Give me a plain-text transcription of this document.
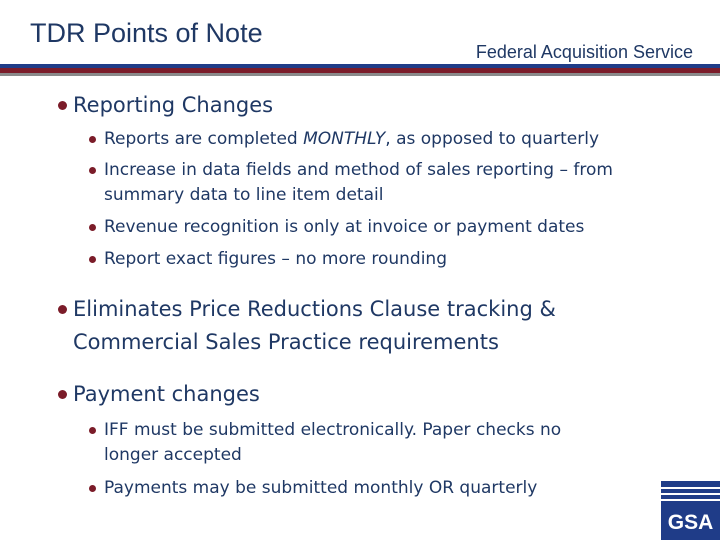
TDR Points of Note
Federal Acquisition Service
Reporting Changes
Reports are completed MONTHLY, as opposed to quarterly
Increase in data fields and method of sales reporting – from
summary data to line item detail
Revenue recognition is only at invoice or payment dates
Report exact figures – no more rounding
Eliminates Price Reductions Clause tracking &
Commercial Sales Practice requirements
Payment changes
IFF must be submitted electronically. Paper checks no
longer accepted
Payments may be submitted monthly OR quarterly
GSA
